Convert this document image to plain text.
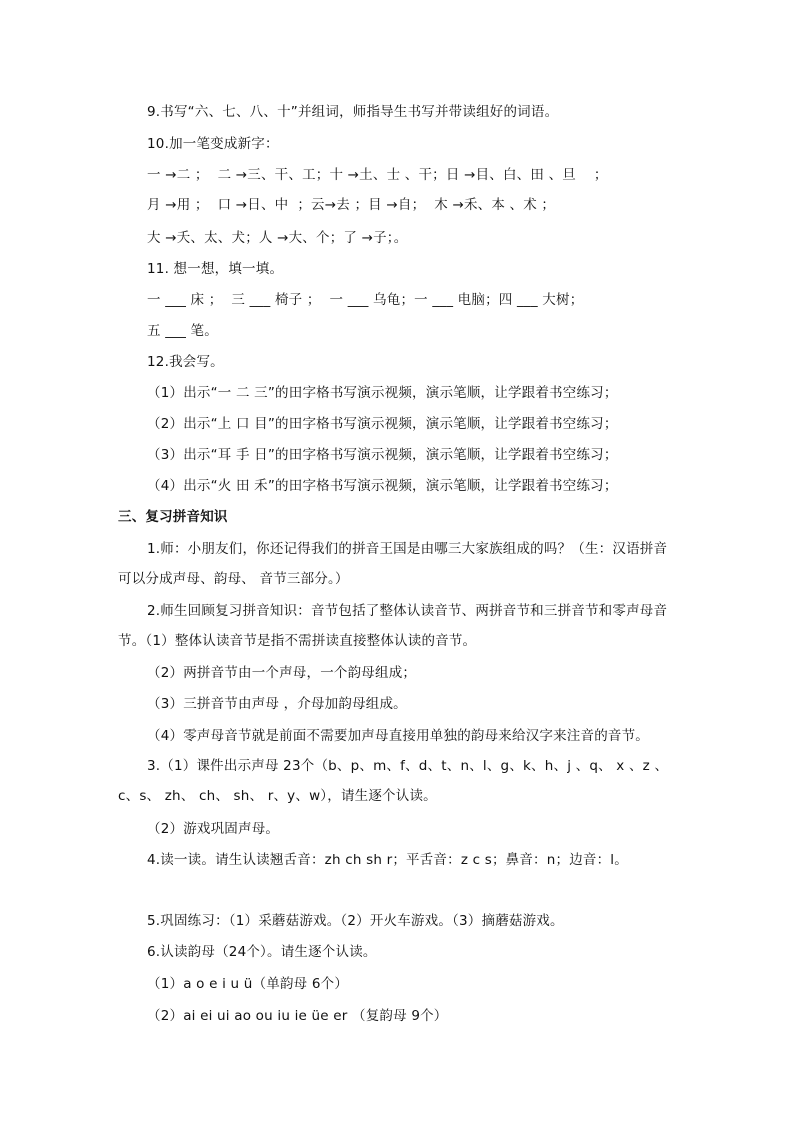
9.书写“六、七、八、十”并组词，师指导生书写并带读组好的词语。
10.加一笔变成新字：
一 →二 ；  二 →三、干、工；十 →土、士 、干；日 →目、白、田 、旦    ；
月 →用 ；  口 →日、中  ；云→去 ；目 →自；  木 →禾、本 、术 ；
大 →夭、太、犬；人 →大、个；了 →子；。
11. 想一想，填一填。
一 ___ 床 ；  三 ___ 椅子 ；  一 ___ 乌龟；一 ___ 电脑；四 ___ 大树；
五 ___ 笔。
12.我会写。
（1）出示“一 二 三”的田字格书写演示视频，演示笔顺，让学跟着书空练习；
（2）出示“上 口 目”的田字格书写演示视频，演示笔顺，让学跟着书空练习；
（3）出示“耳 手 日”的田字格书写演示视频，演示笔顺，让学跟着书空练习；
（4）出示“火 田 禾”的田字格书写演示视频，演示笔顺，让学跟着书空练习；
三、复习拼音知识
1.师：小朋友们，你还记得我们的拼音王国是由哪三大家族组成的吗？（生：汉语拼音可以分成声母、韵母、 音节三部分。）
2.师生回顾复习拼音知识：音节包括了整体认读音节、两拼音节和三拼音节和零声母音节。（1）整体认读音节是指不需拼读直接整体认读的音节。
（2）两拼音节由一个声母，一个韵母组成；
（3）三拼音节由声母 ，介母加韵母组成。
（4）零声母音节就是前面不需要加声母直接用单独的韵母来给汉字来注音的音节。
3.（1）课件出示声母 23个（b、p、m、f、d、t、n、l、g、k、h、j 、q、 x 、z 、c、s、 zh、 ch、 sh、 r、y、w），请生逐个认读。
（2）游戏巩固声母。
4.读一读。请生认读翘舌音：zh ch sh r；平舌音：z c s；鼻音：n；边音：l。
5.巩固练习：（1）采蘑菇游戏。（2）开火车游戏。（3）摘蘑菇游戏。
6.认读韵母（24个）。请生逐个认读。
（1）a o e i u ü（单韵母 6个）
（2）ai ei ui ao ou iu ie üe er （复韵母 9个）
